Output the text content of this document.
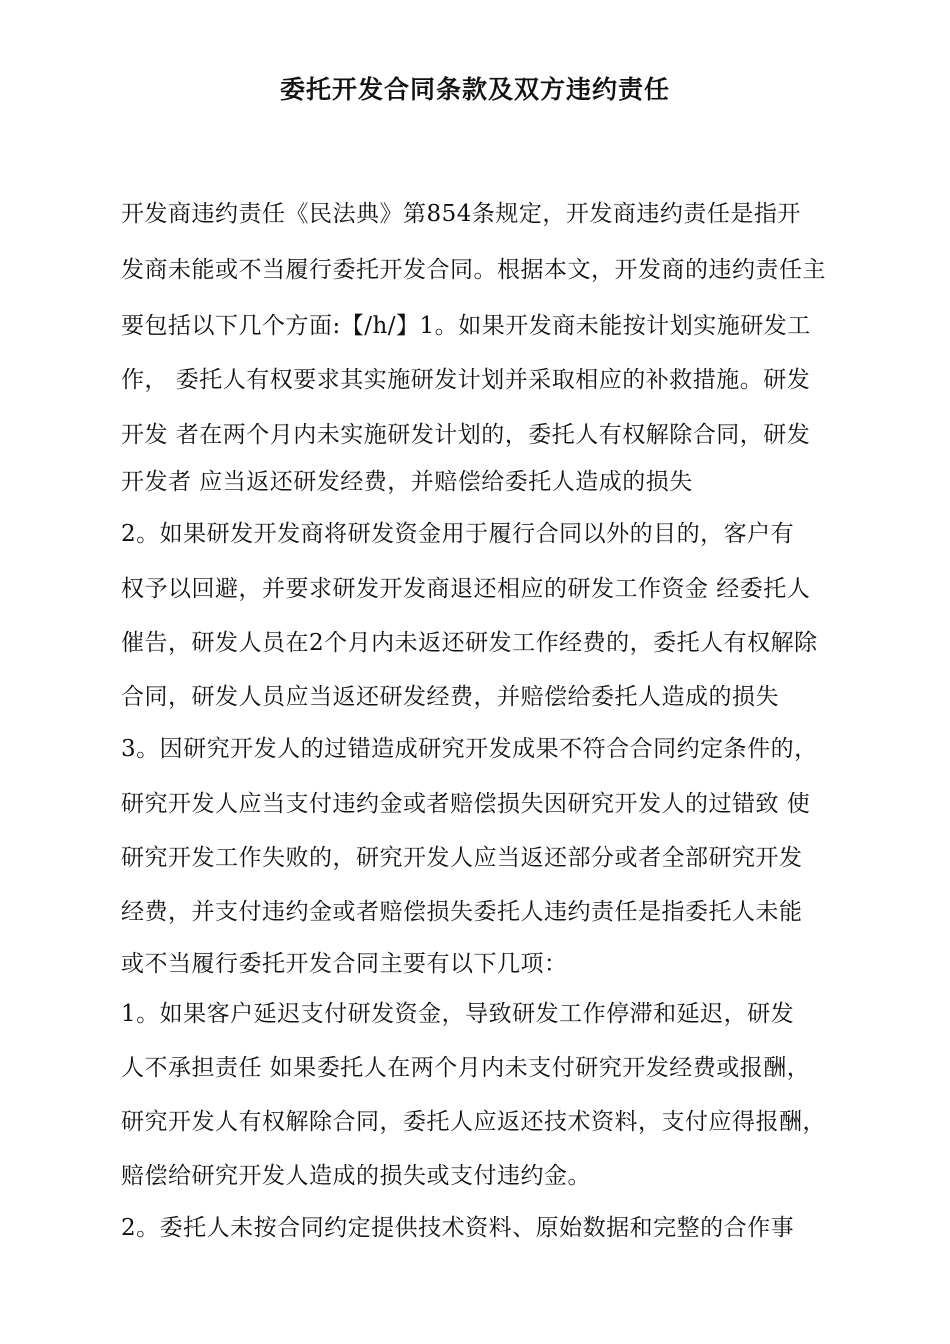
委托开发合同条款及双方违约责任
开发商违约责任《民法典》第854条规定，开发商违约责任是指开
发商未能或不当履行委托开发合同。根据本文，开发商的违约责任主
要包括以下几个方面:【/h/】1。如果开发商未能按计划实施研发工
作， 委托人有权要求其实施研发计划并采取相应的补救措施。研发
开发 者在两个月内未实施研发计划的，委托人有权解除合同，研发
开发者 应当返还研发经费，并赔偿给委托人造成的损失
2。如果研发开发商将研发资金用于履行合同以外的目的，客户有
权予以回避，并要求研发开发商退还相应的研发工作资金 经委托人
催告，研发人员在2个月内未返还研发工作经费的，委托人有权解除
合同，研发人员应当返还研发经费，并赔偿给委托人造成的损失
3。因研究开发人的过错造成研究开发成果不符合合同约定条件的，
研究开发人应当支付违约金或者赔偿损失因研究开发人的过错致 使
研究开发工作失败的，研究开发人应当返还部分或者全部研究开发
经费，并支付违约金或者赔偿损失委托人违约责任是指委托人未能
或不当履行委托开发合同主要有以下几项：
1。如果客户延迟支付研发资金，导致研发工作停滞和延迟，研发
人不承担责任 如果委托人在两个月内未支付研究开发经费或报酬，
研究开发人有权解除合同，委托人应返还技术资料，支付应得报酬，
赔偿给研究开发人造成的损失或支付违约金。
2。委托人未按合同约定提供技术资料、原始数据和完整的合作事
